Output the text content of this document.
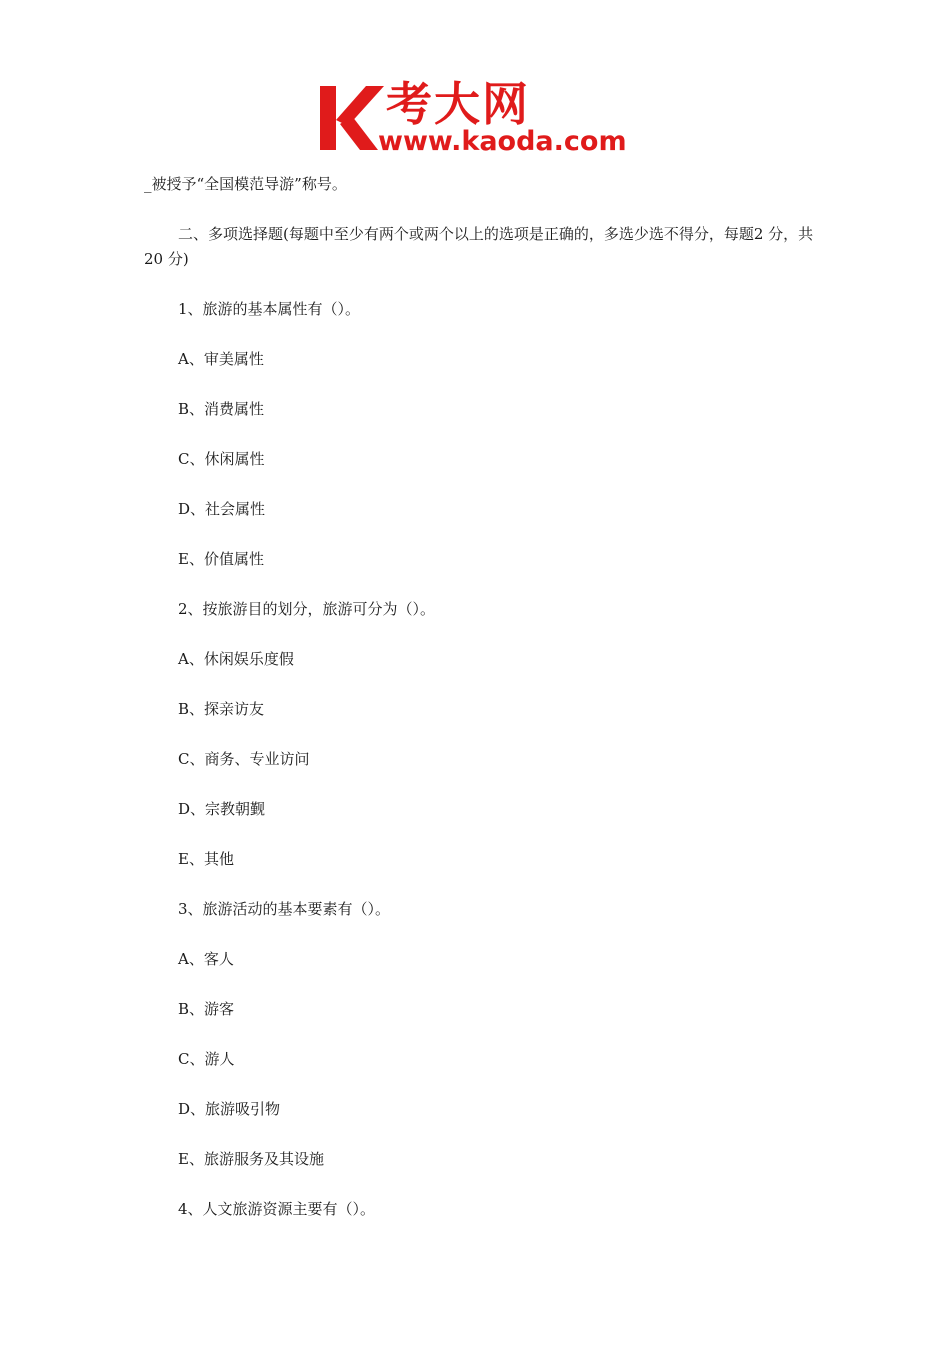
考大网
www.kaoda.com
_被授予“全国模范导游”称号。
二、多项选择题(每题中至少有两个或两个以上的选项是正确的，多选少选不得分，每题2 分，共 20 分)
1、旅游的基本属性有（）。
A、审美属性
B、消费属性
C、休闲属性
D、社会属性
E、价值属性
2、按旅游目的划分，旅游可分为（）。
A、休闲娱乐度假
B、探亲访友
C、商务、专业访问
D、宗教朝觐
E、其他
3、旅游活动的基本要素有（）。
A、客人
B、游客
C、游人
D、旅游吸引物
E、旅游服务及其设施
4、人文旅游资源主要有（）。
